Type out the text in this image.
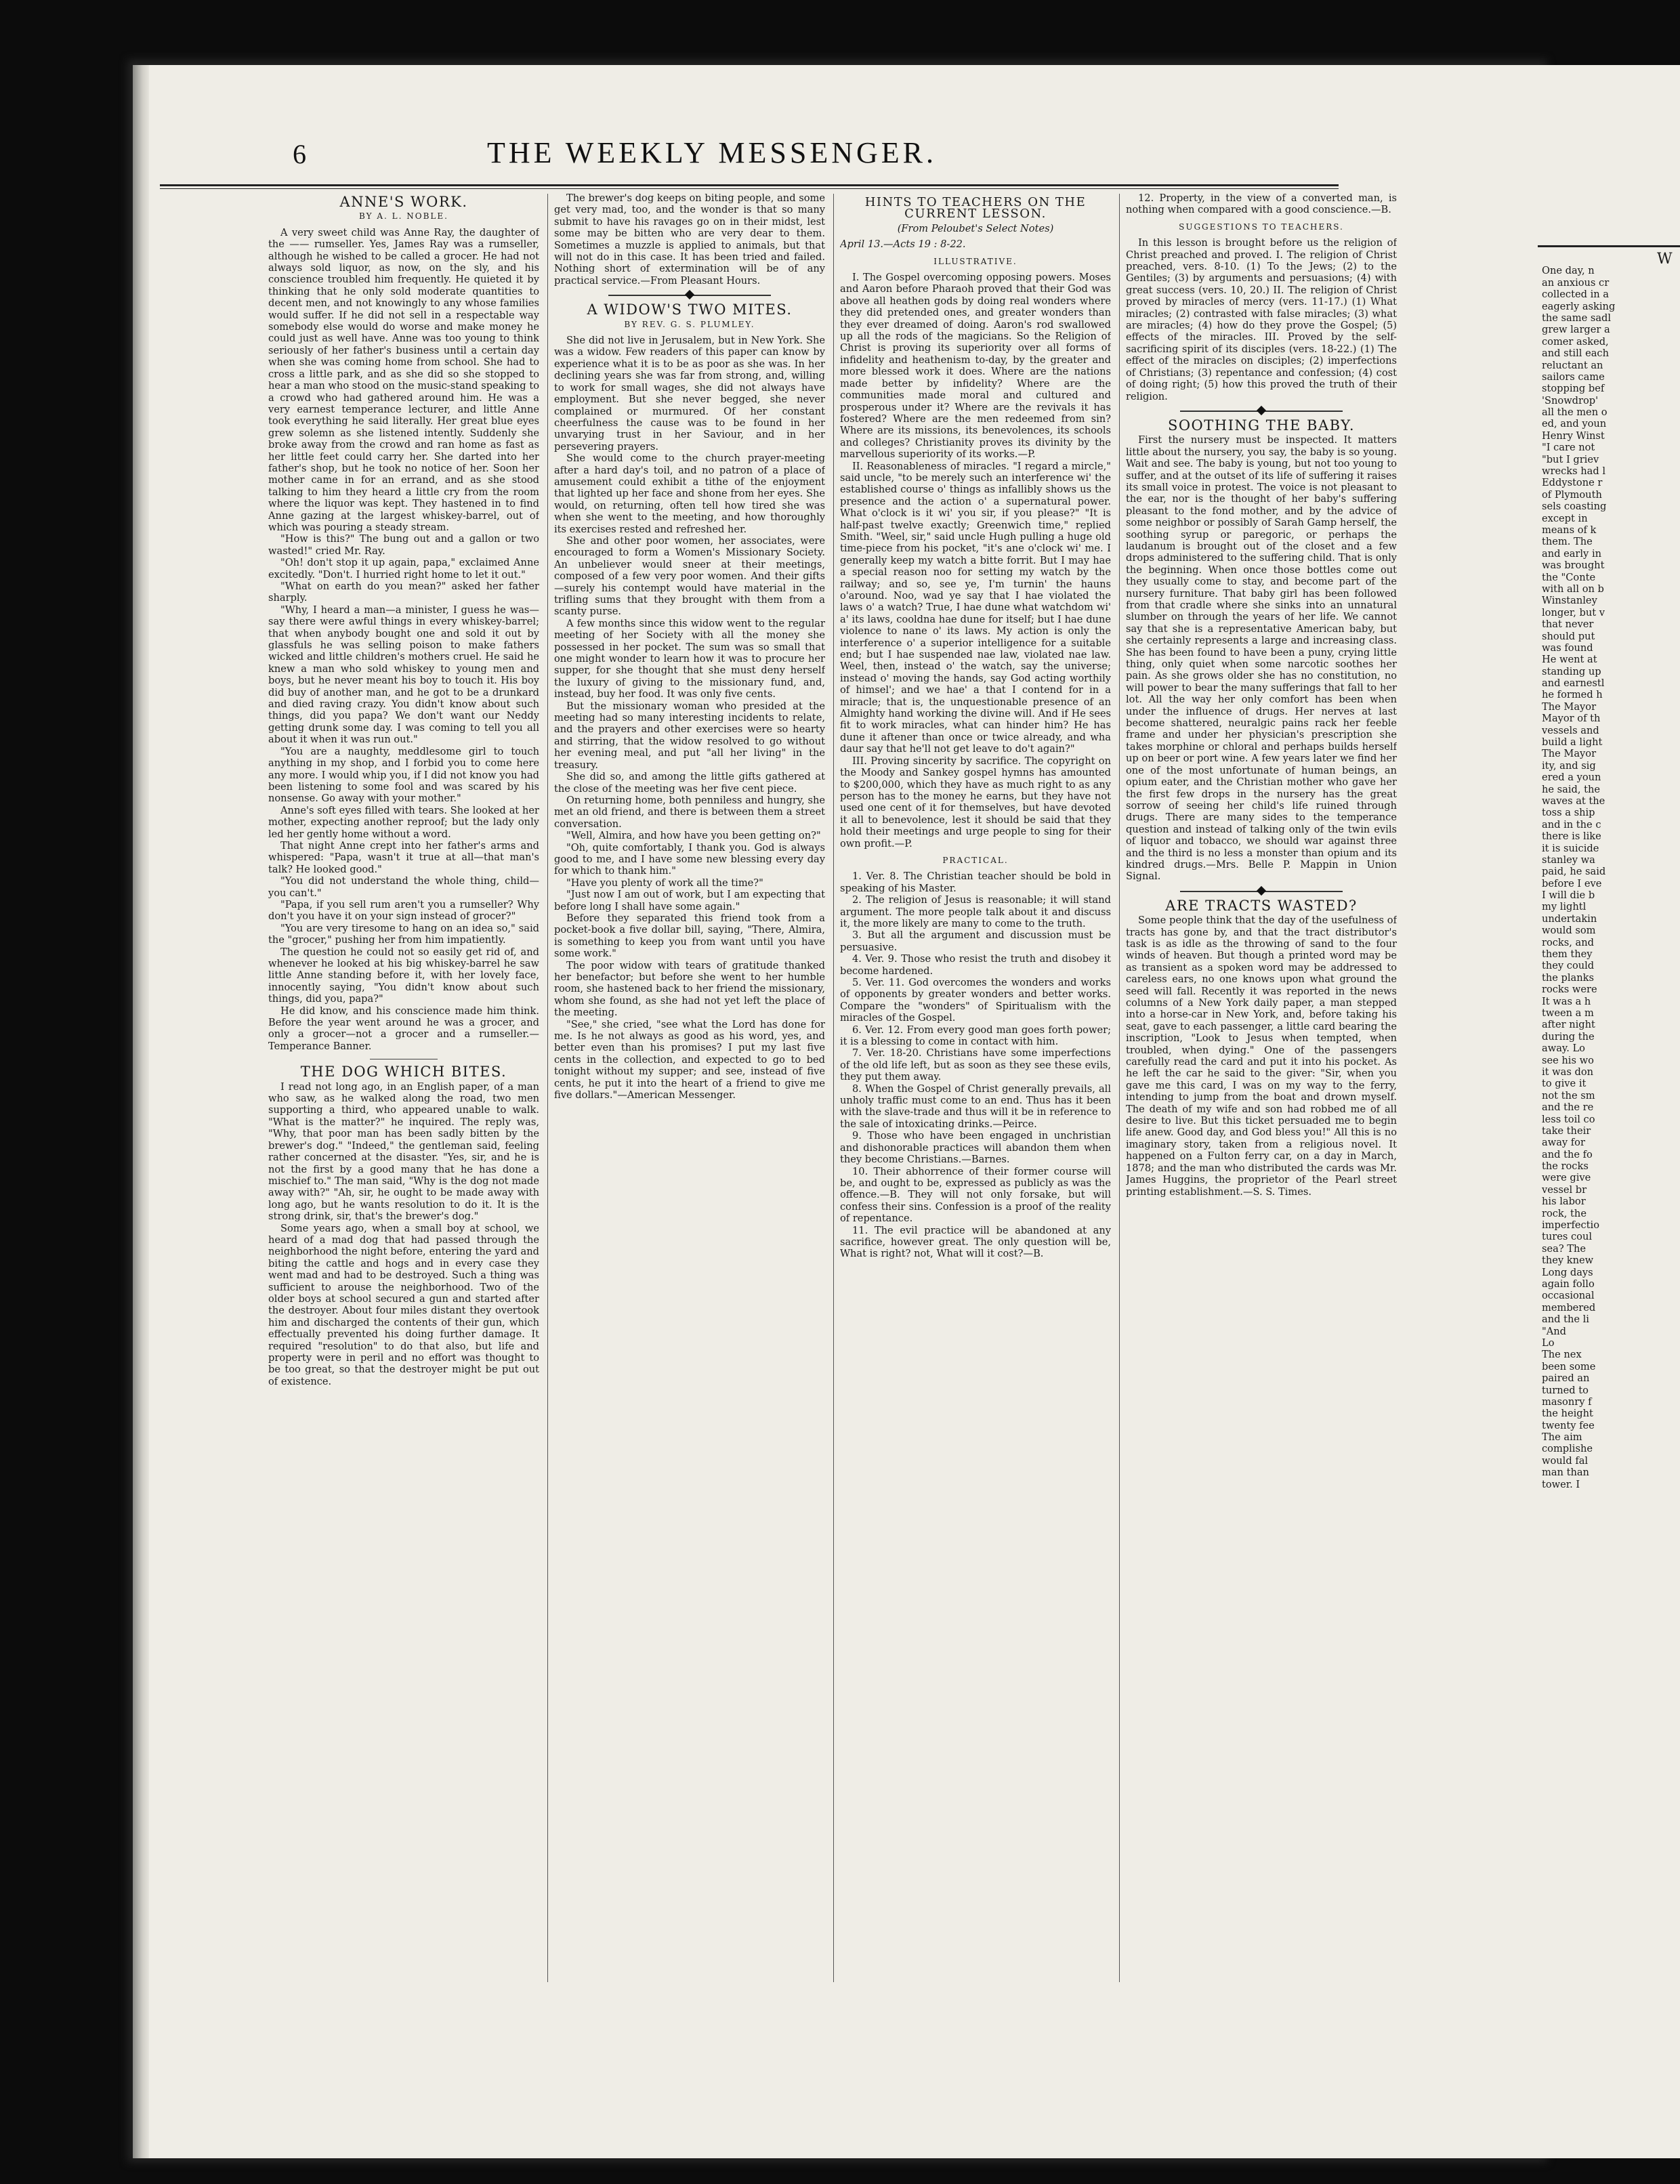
6	THE WEEKLY MESSENGER.
ANNE'S WORK.
BY A. L. NOBLE.

A very sweet child was Anne Ray, the daughter of the —— rumseller. Yes, James Ray was a rumseller, although he wished to be called a grocer. He had not always sold liquor, as now, on the sly, and his conscience troubled him frequently. He quieted it by thinking that he only sold moderate quantities to decent men, and not knowingly to any whose families would suffer. If he did not sell in a respectable way somebody else would do worse and make money he could just as well have. Anne was too young to think seriously of her father's business until a certain day when she was coming home from school. She had to cross a little park, and as she did so she stopped to hear a man who stood on the music-stand speaking to a crowd who had gathered around him. He was a very earnest temperance lecturer, and little Anne took everything he said literally. Her great blue eyes grew solemn as she listened intently. Suddenly she broke away from the crowd and ran home as fast as her little feet could carry her. She darted into her father's shop, but he took no notice of her. Soon her mother came in for an errand, and as she stood talking to him they heard a little cry from the room where the liquor was kept. They hastened in to find Anne gazing at the largest whiskey-barrel, out of which was pouring a steady stream.

"How is this?" The bung out and a gallon or two wasted!" cried Mr. Ray.

"Oh! don't stop it up again, papa," exclaimed Anne excitedly. "Don't. I hurried right home to let it out."

"What on earth do you mean?" asked her father sharply.

"Why, I heard a man—a minister, I guess he was—say there were awful things in every whiskey-barrel; that when anybody bought one and sold it out by glassfuls he was selling poison to make fathers wicked and little children's mothers cruel. He said he knew a man who sold whiskey to young men and boys, but he never meant his boy to touch it. His boy did buy of another man, and he got to be a drunkard and died raving crazy. You didn't know about such things, did you papa? We don't want our Neddy getting drunk some day. I was coming to tell you all about it when it was run out."

"You are a naughty, meddlesome girl to touch anything in my shop, and I forbid you to come here any more. I would whip you, if I did not know you had been listening to some fool and was scared by his nonsense. Go away with your mother."

Anne's soft eyes filled with tears. She looked at her mother, expecting another reproof; but the lady only led her gently home without a word.

That night Anne crept into her father's arms and whispered: "Papa, wasn't it true at all—that man's talk? He looked good."

"You did not understand the whole thing, child—you can't."

"Papa, if you sell rum aren't you a rumseller? Why don't you have it on your sign instead of grocer?"

"You are very tiresome to hang on an idea so," said the "grocer," pushing her from him impatiently.

The question he could not so easily get rid of, and whenever he looked at his big whiskey-barrel he saw little Anne standing before it, with her lovely face, innocently saying, "You didn't know about such things, did you, papa?"

He did know, and his conscience made him think. Before the year went around he was a grocer, and only a grocer—not a grocer and a rumseller.—Temperance Banner.

THE DOG WHICH BITES.

I read not long ago, in an English paper, of a man who saw, as he walked along the road, two men supporting a third, who appeared unable to walk. "What is the matter?" he inquired. The reply was, "Why, that poor man has been sadly bitten by the brewer's dog." "Indeed," the gentleman said, feeling rather concerned at the disaster. "Yes, sir, and he is not the first by a good many that he has done a mischief to." The man said, "Why is the dog not made away with?" "Ah, sir, he ought to be made away with long ago, but he wants resolution to do it. It is the strong drink, sir, that's the brewer's dog."

Some years ago, when a small boy at school, we heard of a mad dog that had passed through the neighborhood the night before, entering the yard and biting the cattle and hogs and in every case they went mad and had to be destroyed. Such a thing was sufficient to arouse the neighborhood. Two of the older boys at school secured a gun and started after the destroyer. About four miles distant they overtook him and discharged the contents of their gun, which effectually prevented his doing further damage. It required "resolution" to do that also, but life and property were in peril and no effort was thought to be too great, so that the destroyer might be put out of existence.

The brewer's dog keeps on biting people, and some get very mad, too, and the wonder is that so many submit to have his ravages go on in their midst, lest some may be bitten who are very dear to them. Sometimes a muzzle is applied to animals, but that will not do in this case. It has been tried and failed. Nothing short of extermination will be of any practical service.—From Pleasant Hours.

A WIDOW'S TWO MITES.
BY REV. G. S. PLUMLEY.

She did not live in Jerusalem, but in New York. She was a widow. Few readers of this paper can know by experience what it is to be as poor as she was. In her declining years she was far from strong, and, willing to work for small wages, she did not always have employment. But she never begged, she never complained or murmured. Of her constant cheerfulness the cause was to be found in her unvarying trust in her Saviour, and in her persevering prayers.

She would come to the church prayer-meeting after a hard day's toil, and no patron of a place of amusement could exhibit a tithe of the enjoyment that lighted up her face and shone from her eyes. She would, on returning, often tell how tired she was when she went to the meeting, and how thoroughly its exercises rested and refreshed her.

She and other poor women, her associates, were encouraged to form a Women's Missionary Society. An unbeliever would sneer at their meetings, composed of a few very poor women. And their gifts—surely his contempt would have material in the trifling sums that they brought with them from a scanty purse.

A few months since this widow went to the regular meeting of her Society with all the money she possessed in her pocket. The sum was so small that one might wonder to learn how it was to procure her supper, for she thought that she must deny herself the luxury of giving to the missionary fund, and, instead, buy her food. It was only five cents.

But the missionary woman who presided at the meeting had so many interesting incidents to relate, and the prayers and other exercises were so hearty and stirring, that the widow resolved to go without her evening meal, and put "all her living" in the treasury.

She did so, and among the little gifts gathered at the close of the meeting was her five cent piece.

On returning home, both penniless and hungry, she met an old friend, and there is between them a street conversation.

"Well, Almira, and how have you been getting on?"

"Oh, quite comfortably, I thank you. God is always good to me, and I have some new blessing every day for which to thank him."

"Have you plenty of work all the time?"

"Just now I am out of work, but I am expecting that before long I shall have some again."

Before they separated this friend took from a pocket-book a five dollar bill, saying, "There, Almira, is something to keep you from want until you have some work."

The poor widow with tears of gratitude thanked her benefactor; but before she went to her humble room, she hastened back to her friend the missionary, whom she found, as she had not yet left the place of the meeting.

"See," she cried, "see what the Lord has done for me. Is he not always as good as his word, yes, and better even than his promises? I put my last five cents in the collection, and expected to go to bed tonight without my supper; and see, instead of five cents, he put it into the heart of a friend to give me five dollars."—American Messenger.

HINTS TO TEACHERS ON THE CURRENT LESSON.
(From Peloubet's Select Notes)

April 13.—Acts 19 : 8-22.

ILLUSTRATIVE.

I. The Gospel overcoming opposing powers. Moses and Aaron before Pharaoh proved that their God was above all heathen gods by doing real wonders where they did pretended ones, and greater wonders than they ever dreamed of doing. Aaron's rod swallowed up all the rods of the magicians. So the Religion of Christ is proving its superiority over all forms of infidelity and heathenism to-day, by the greater and more blessed work it does. Where are the nations made better by infidelity? Where are the communities made moral and cultured and prosperous under it? Where are the revivals it has fostered? Where are the men redeemed from sin? Where are its missions, its benevolences, its schools and colleges? Christianity proves its divinity by the marvellous superiority of its works.—P.

II. Reasonableness of miracles. "I regard a mircle," said uncle, "to be merely such an interference wi' the established course o' things as infallibly shows us the presence and the action o' a supernatural power. What o'clock is it wi' you sir, if you please?" "It is half-past twelve exactly; Greenwich time," replied Smith. "Weel, sir," said uncle Hugh pulling a huge old time-piece from his pocket, "it's ane o'clock wi' me. I generally keep my watch a bitte forrit. But I may hae a special reason noo for setting my watch by the railway; and so, see ye, I'm turnin' the hauns o'around. Noo, wad ye say that I hae violated the laws o' a watch? True, I hae dune what watchdom wi' a' its laws, cooldna hae dune for itself; but I hae dune violence to nane o' its laws. My action is only the interference o' a superior intelligence for a suitable end; but I hae suspended nae law, violated nae law. Weel, then, instead o' the watch, say the universe; instead o' moving the hands, say God acting worthily of himsel'; and we hae' a that I contend for in a miracle; that is, the unquestionable presence of an Almighty hand working the divine will. And if He sees fit to work miracles, what can hinder him? He has dune it aftener than once or twice already, and wha daur say that he'll not get leave to do't again?"

III. Proving sincerity by sacrifice. The copyright on the Moody and Sankey gospel hymns has amounted to $200,000, which they have as much right to as any person has to the money he earns, but they have not used one cent of it for themselves, but have devoted it all to benevolence, lest it should be said that they hold their meetings and urge people to sing for their own profit.—P.

PRACTICAL.

1. Ver. 8. The Christian teacher should be bold in speaking of his Master.

2. The religion of Jesus is reasonable; it will stand argument. The more people talk about it and discuss it, the more likely are many to come to the truth.

3. But all the argument and discussion must be persuasive.

4. Ver. 9. Those who resist the truth and disobey it become hardened.

5. Ver. 11. God overcomes the wonders and works of opponents by greater wonders and better works. Compare the "wonders" of Spiritualism with the miracles of the Gospel.

6. Ver. 12. From every good man goes forth power; it is a blessing to come in contact with him.

7. Ver. 18-20. Christians have some imperfections of the old life left, but as soon as they see these evils, they put them away.

8. When the Gospel of Christ generally prevails, all unholy traffic must come to an end. Thus has it been with the slave-trade and thus will it be in reference to the sale of intoxicating drinks.—Peirce.

9. Those who have been engaged in unchristian and dishonorable practices will abandon them when they become Christians.—Barnes.

10. Their abhorrence of their former course will be, and ought to be, expressed as publicly as was the offence.—B. They will not only forsake, but will confess their sins. Confession is a proof of the reality of repentance.

11. The evil practice will be abandoned at any sacrifice, however great. The only question will be, What is right? not, What will it cost?—B.

12. Property, in the view of a converted man, is nothing when compared with a good conscience.—B.

SUGGESTIONS TO TEACHERS.

In this lesson is brought before us the religion of Christ preached and proved. I. The religion of Christ preached, vers. 8-10. (1) To the Jews; (2) to the Gentiles; (3) by arguments and persuasions; (4) with great success (vers. 10, 20.) II. The religion of Christ proved by miracles of mercy (vers. 11-17.) (1) What miracles; (2) contrasted with false miracles; (3) what are miracles; (4) how do they prove the Gospel; (5) effects of the miracles. III. Proved by the self-sacrificing spirit of its disciples (vers. 18-22.) (1) The effect of the miracles on disciples; (2) imperfections of Christians; (3) repentance and confession; (4) cost of doing right; (5) how this proved the truth of their religion.

SOOTHING THE BABY.

First the nursery must be inspected. It matters little about the nursery, you say, the baby is so young. Wait and see. The baby is young, but not too young to suffer, and at the outset of its life of suffering it raises its small voice in protest. The voice is not pleasant to the ear, nor is the thought of her baby's suffering pleasant to the fond mother, and by the advice of some neighbor or possibly of Sarah Gamp herself, the soothing syrup or paregoric, or perhaps the laudanum is brought out of the closet and a few drops administered to the suffering child. That is only the beginning. When once those bottles come out they usually come to stay, and become part of the nursery furniture. That baby girl has been followed from that cradle where she sinks into an unnatural slumber on through the years of her life. We cannot say that she is a representative American baby, but she certainly represents a large and increasing class. She has been found to have been a puny, crying little thing, only quiet when some narcotic soothes her pain. As she grows older she has no constitution, no will power to bear the many sufferings that fall to her lot. All the way her only comfort has been when under the influence of drugs. Her nerves at last become shattered, neuralgic pains rack her feeble frame and under her physician's prescription she takes morphine or chloral and perhaps builds herself up on beer or port wine. A few years later we find her one of the most unfortunate of human beings, an opium eater, and the Christian mother who gave her the first few drops in the nursery has the great sorrow of seeing her child's life ruined through drugs. There are many sides to the temperance question and instead of talking only of the twin evils of liquor and tobacco, we should war against three and the third is no less a monster than opium and its kindred drugs.—Mrs. Belle P. Mappin in Union Signal.

ARE TRACTS WASTED?

Some people think that the day of the usefulness of tracts has gone by, and that the tract distributor's task is as idle as the throwing of sand to the four winds of heaven. But though a printed word may be as transient as a spoken word may be addressed to careless ears, no one knows upon what ground the seed will fall. Recently it was reported in the news columns of a New York daily paper, a man stepped into a horse-car in New York, and, before taking his seat, gave to each passenger, a little card bearing the inscription, "Look to Jesus when tempted, when troubled, when dying." One of the passengers carefully read the card and put it into his pocket. As he left the car he said to the giver: "Sir, when you gave me this card, I was on my way to the ferry, intending to jump from the boat and drown myself. The death of my wife and son had robbed me of all desire to live. But this ticket persuaded me to begin life anew. Good day, and God bless you!" All this is no imaginary story, taken from a religious novel. It happened on a Fulton ferry car, on a day in March, 1878; and the man who distributed the cards was Mr. James Huggins, the proprietor of the Pearl street printing establishment.—S. S. Times.

W
One day, n
an anxious cr
collected in a
eagerly asking
the same sadl
grew larger a
comer asked,
and still each
reluctant an
sailors came
stopping bef
'Snowdrop'
all the men o
ed, and youn
Henry Winst
"I care not
"but I griev
wrecks had l
Eddystone r
of Plymouth
sels coasting
except in
means of k
them. The
and early in
was brought
the "Conte
with all on b
Winstanley
longer, but v
that never
should put
was found
He went at
standing up
and earnestl
he formed h
The Mayor
Mayor of th
vessels and
build a light
The Mayor
ity, and sig
ered a youn
he said, the
waves at the
toss a ship
and in the c
there is like
it is suicide
stanley wa
paid, he said
before I eve
I will die b
my lightl
undertakin
would som
rocks, and
them they
they could
the planks
rocks were
It was a h
tween a m
after night
during the
away. Lo
see his wo
it was don
to give it
not the sm
and the re
less toil co
take their
away for
and the fo
the rocks
were give
vessel br
his labor
rock, the
imperfectio
tures coul
sea? The
they knew
Long days
again follo
occasional
membered
and the li
"And
Lo
The nex
been some
paired an
turned to
masonry f
the height
twenty fee
The aim
complishe
would fal
man than
tower. I
